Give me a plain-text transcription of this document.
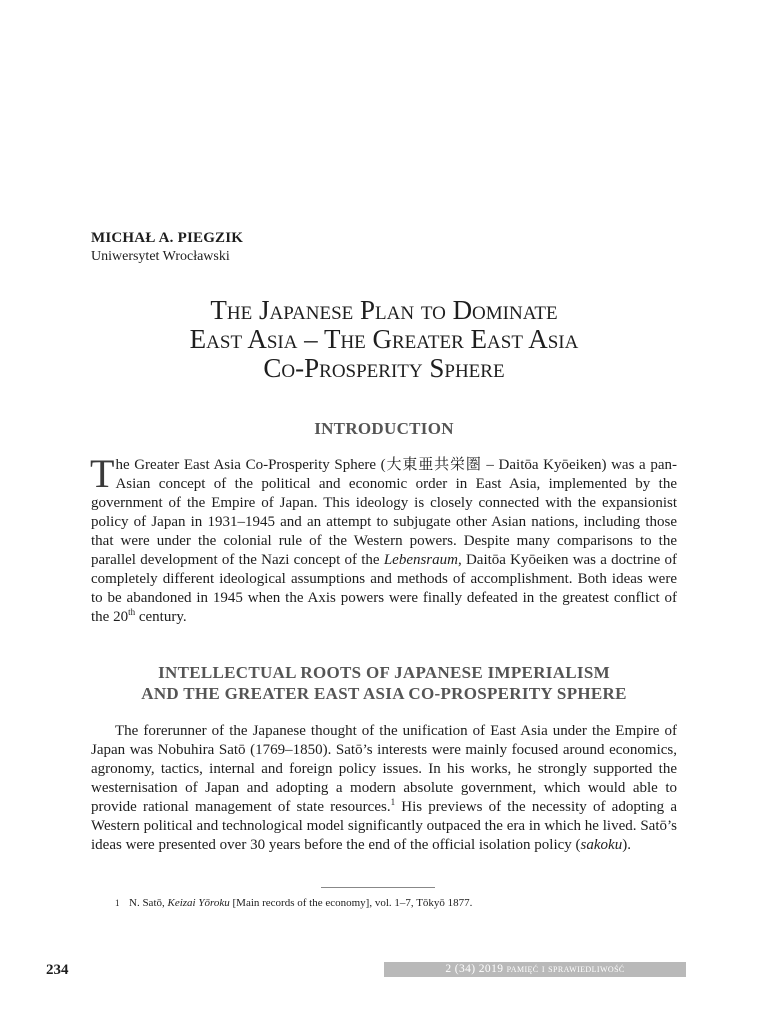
MICHAŁ A. PIEGZIK
Uniwersytet Wrocławski
The Japanese Plan to Dominate
East Asia – The Greater East Asia
Co-Prosperity Sphere
INTRODUCTION

The Greater East Asia Co-Prosperity Sphere (大東亜共栄圏 – Daitōa Kyōeiken) was a pan-Asian concept of the political and economic order in East Asia, implemented by the government of the Empire of Japan. This ideology is closely connected with the expansionist policy of Japan in 1931–1945 and an attempt to subjugate other Asian nations, including those that were under the colonial rule of the Western powers. Despite many comparisons to the parallel development of the Nazi concept of the Lebensraum, Daitōa Kyōeiken was a doctrine of completely different ideological assumptions and methods of accomplishment. Both ideas were to be abandoned in 1945 when the Axis powers were finally defeated in the greatest conflict of the 20th century.

INTELLECTUAL ROOTS OF JAPANESE IMPERIALISM
AND THE GREATER EAST ASIA CO-PROSPERITY SPHERE

The forerunner of the Japanese thought of the unification of East Asia under the Empire of Japan was Nobuhira Satō (1769–1850). Satō’s interests were mainly focused around economics, agronomy, tactics, internal and foreign policy issues. In his works, he strongly supported the westernisation of Japan and adopting a modern absolute government, which would able to provide rational management of state resources.$^1$ His previews of the necessity of adopting a Western political and technological model significantly outpaced the era in which he lived. Satō’s ideas were presented over 30 years before the end of the official isolation policy (sakoku).

1 N. Satō, Keizai Yōroku [Main records of the economy], vol. 1–7, Tōkyō 1877.
234	2 (34) 2019 pamięć i sprawiedliwość
